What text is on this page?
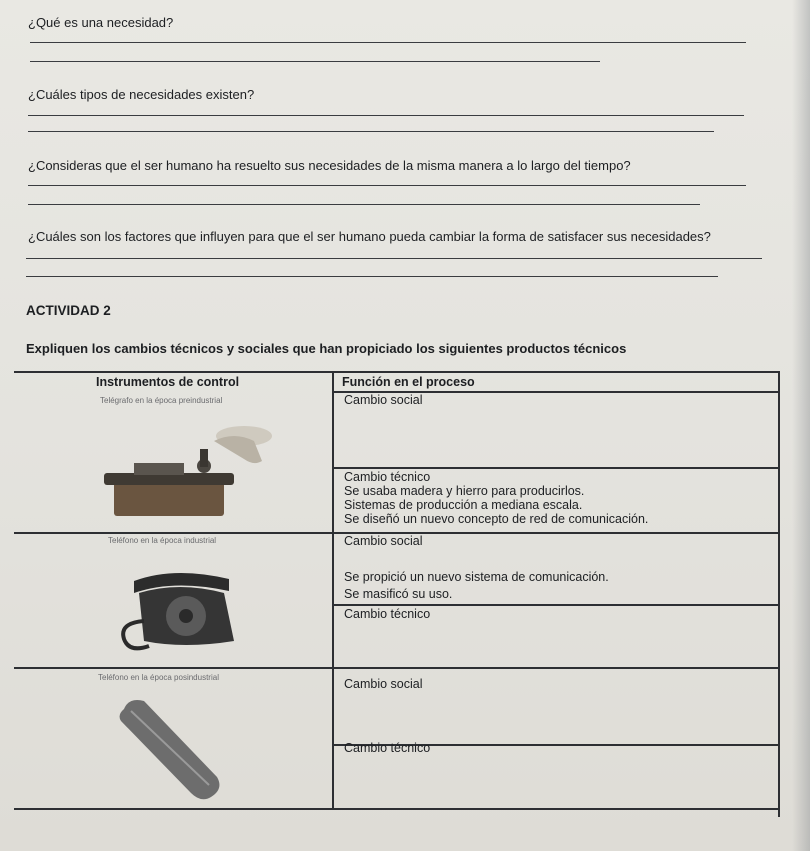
¿Qué es una necesidad?
¿Cuáles tipos de necesidades existen?
¿Consideras que el ser humano ha resuelto sus necesidades de la misma manera a lo largo del tiempo?
¿Cuáles son los factores que influyen para que el ser humano pueda cambiar la forma de satisfacer sus necesidades?
ACTIVIDAD 2
Expliquen los cambios técnicos y sociales que han propiciado los siguientes productos técnicos
Instrumentos de control	Función en el proceso
Telégrafo en la época preindustrial	Cambio social
Cambio técnico
Se usaba madera y hierro para producirlos.
Sistemas de producción a mediana escala.
Se diseñó un nuevo concepto de red de comunicación.
Teléfono en la época industrial	Cambio social
Se propició un nuevo sistema de comunicación.
Se masificó su uso.
Cambio técnico
Teléfono en la época posindustrial	Cambio social
Cambio técnico
